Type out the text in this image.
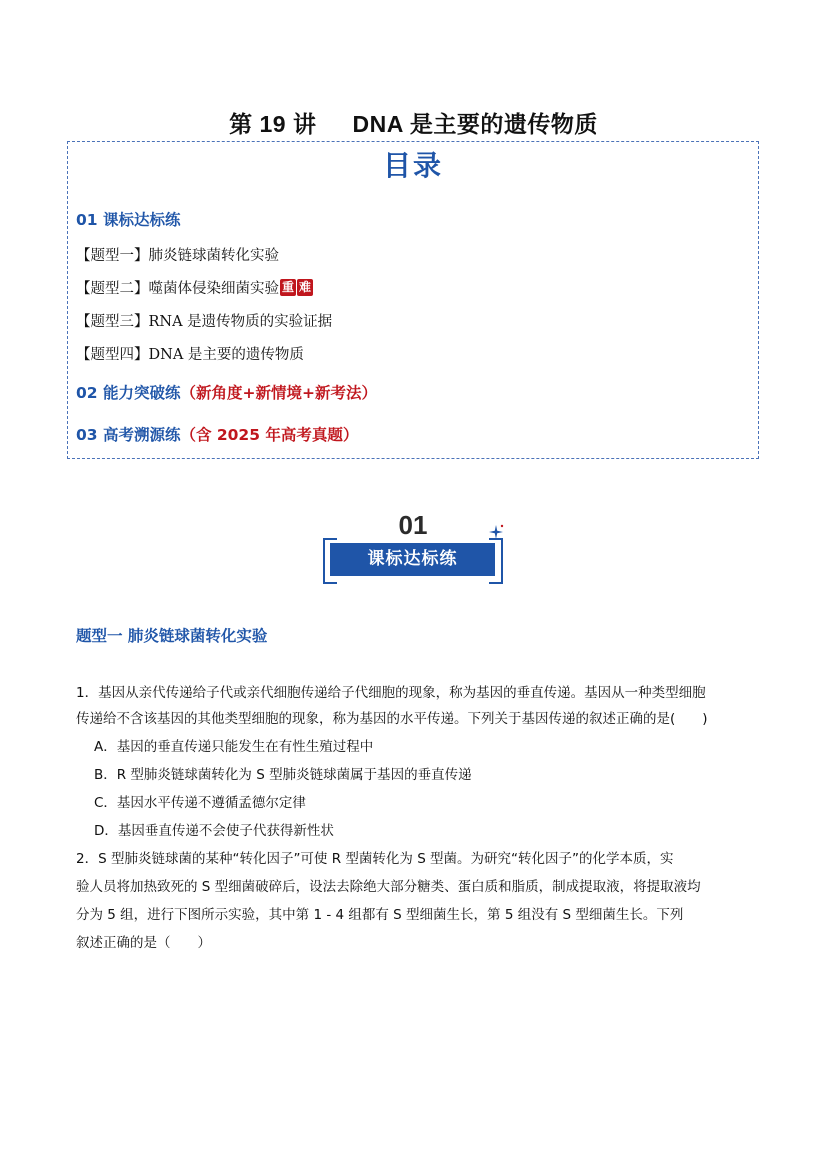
第 19 讲 DNA 是主要的遗传物质
目录
01 课标达标练
【题型一】肺炎链球菌转化实验
【题型二】噬菌体侵染细菌实验 重 难
【题型三】RNA 是遗传物质的实验证据
【题型四】DNA 是主要的遗传物质
02 能力突破练（新角度+新情境+新考法）
03 高考溯源练（含 2025 年高考真题）
01
课标达标练
题型一 肺炎链球菌转化实验
1．基因从亲代传递给子代或亲代细胞传递给子代细胞的现象，称为基因的垂直传递。基因从一种类型细胞
传递给不含该基因的其他类型细胞的现象，称为基因的水平传递。下列关于基因传递的叙述正确的是(　　)
A．基因的垂直传递只能发生在有性生殖过程中
B．R 型肺炎链球菌转化为 S 型肺炎链球菌属于基因的垂直传递
C．基因水平传递不遵循孟德尔定律
D．基因垂直传递不会使子代获得新性状
2．S 型肺炎链球菌的某种“转化因子”可使 R 型菌转化为 S 型菌。为研究“转化因子”的化学本质，实
验人员将加热致死的 S 型细菌破碎后，设法去除绝大部分糖类、蛋白质和脂质，制成提取液，将提取液均
分为 5 组，进行下图所示实验，其中第 1 - 4 组都有 S 型细菌生长，第 5 组没有 S 型细菌生长。下列
叙述正确的是（　　）
